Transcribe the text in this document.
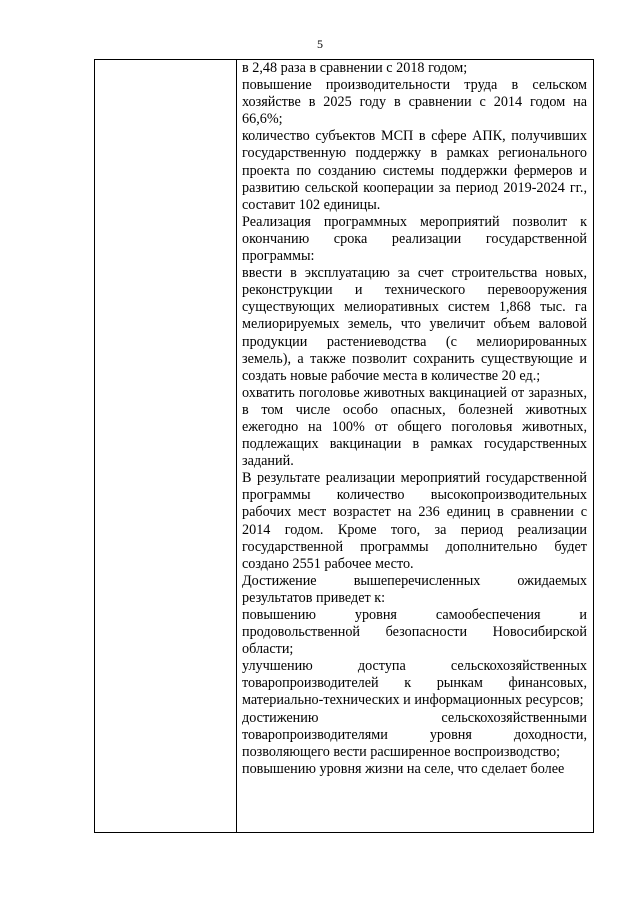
5

в 2,48 раза в сравнении с 2018 годом;

повышение производительности труда в сельском хозяйстве в 2025 году в сравнении с 2014 годом на 66,6%;

количество субъектов МСП в сфере АПК, получивших государственную поддержку в рамках регионального проекта по созданию системы поддержки фермеров и развитию сельской кооперации за период 2019-2024 гг., составит 102 единицы.

Реализация программных мероприятий позволит к окончанию срока реализации государственной программы:

ввести в эксплуатацию за счет строительства новых, реконструкции и технического перевооружения существующих мелиоративных систем 1,868 тыс. га мелиорируемых земель, что увеличит объем валовой продукции растениеводства (с мелиорированных земель), а также позволит сохранить существующие и создать новые рабочие места в количестве 20 ед.;

охватить поголовье животных вакцинацией от заразных, в том числе особо опасных, болезней животных ежегодно на 100% от общего поголовья животных, подлежащих вакцинации в рамках государственных заданий.

В результате реализации мероприятий государственной программы количество высокопроизводительных рабочих мест возрастет на 236 единиц в сравнении с 2014 годом. Кроме того, за период реализации государственной программы дополнительно будет создано 2551 рабочее место.

Достижение вышеперечисленных ожидаемых результатов приведет к:

повышению уровня самообеспечения и продовольственной безопасности Новосибирской области;

улучшению доступа сельскохозяйственных товаропроизводителей к рынкам финансовых, материально-технических и информационных ресурсов;

достижению сельскохозяйственными товаропроизводителями уровня доходности, позволяющего вести расширенное воспроизводство;

повышению уровня жизни на селе, что сделает более
